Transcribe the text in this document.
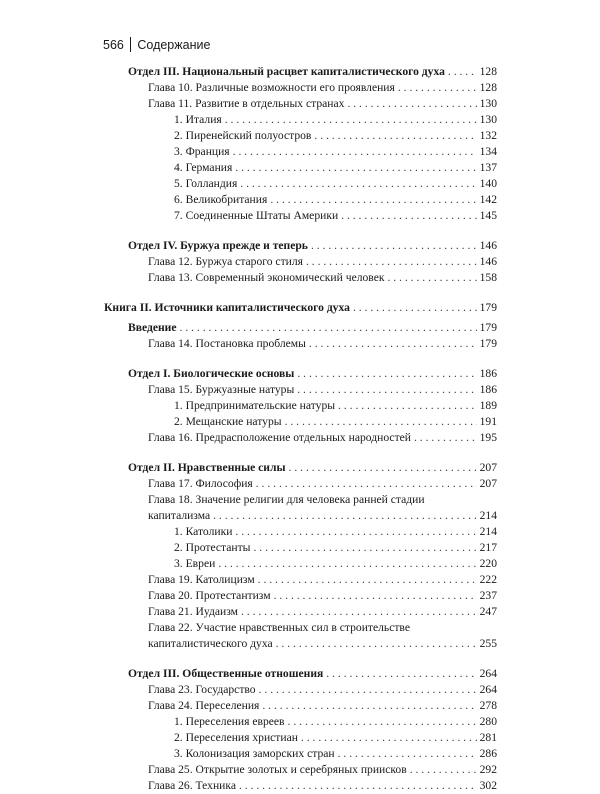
566 Содержание
Отдел III. Национальный расцвет капиталистического духа . . .	128
Глава 10. Различные возможности его проявления . . .	128
Глава 11. Развитие в отдельных странах . . .	130
1. Италия . . .	130
2. Пиренейский полуостров . . .	132
3. Франция . . .	134
4. Германия . . .	137
5. Голландия . . .	140
6. Великобритания . . .	142
7. Соединенные Штаты Америки . . .	145
Отдел IV. Буржуа прежде и теперь . . .	146
Глава 12. Буржуа старого стиля . . .	146
Глава 13. Современный экономический человек . . .	158
Книга II. Источники капиталистического духа . . .	179
Введение . . .	179
Глава 14. Постановка проблемы . . .	179
Отдел I. Биологические основы . . .	186
Глава 15. Буржуазные натуры . . .	186
1. Предпринимательские натуры . . .	189
2. Мещанские натуры . . .	191
Глава 16. Предрасположение отдельных народностей . . .	195
Отдел II. Нравственные силы . . .	207
Глава 17. Философия . . .	207
Глава 18. Значение религии для человека ранней стадии
капитализма . . .	214
1. Католики . . .	214
2. Протестанты . . .	217
3. Евреи . . .	220
Глава 19. Католицизм . . .	222
Глава 20. Протестантизм . . .	237
Глава 21. Иудаизм . . .	247
Глава 22. Участие нравственных сил в строительстве
капиталистического духа . . .	255
Отдел III. Общественные отношения . . .	264
Глава 23. Государство . . .	264
Глава 24. Переселения . . .	278
1. Переселения евреев . . .	280
2. Переселения христиан . . .	281
3. Колонизация заморских стран . . .	286
Глава 25. Открытие золотых и серебряных приисков . . .	292
Глава 26. Техника . . .	302
